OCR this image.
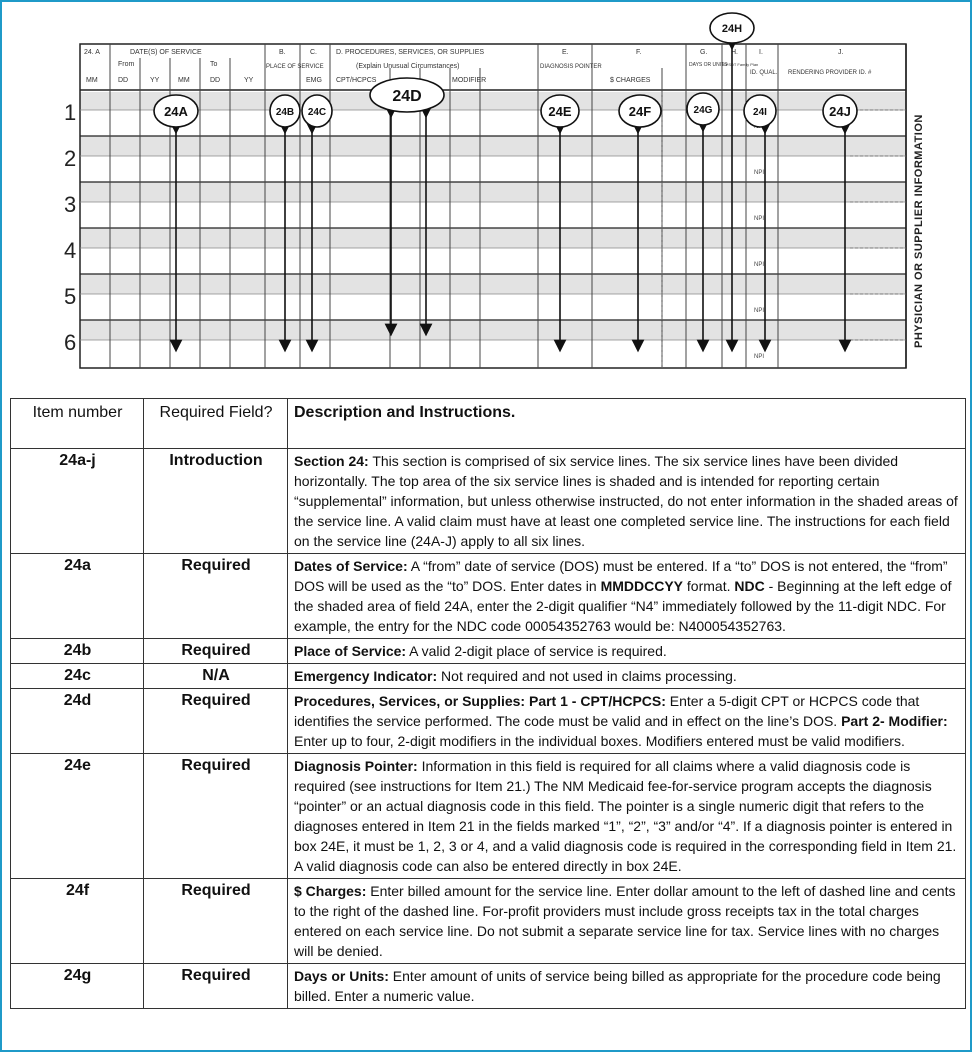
24. A	DATE(S) OF SERVICE
From	To
MM	DD	YY	MM	DD	YY
B.
PLACE OF SERVICE
C.
EMG
D. PROCEDURES, SERVICES, OR SUPPLIES
(Explain Unusual Circumstances)
CPT/HCPCS	MODIFIER
E.
DIAGNOSIS POINTER
F.
$ CHARGES
G.
DAYS OR UNITS
H.
EPSDT Family Plan
I.
ID. QUAL.
J.
RENDERING PROVIDER ID. #
PHYSICIAN OR SUPPLIER INFORMATION
NPI
NPI
NPI
NPI
NPI
1
2
3
4
5
6
24A	24B 24C
24D
24E	24F	24G
24H
24I	24J
Item number	Required Field?	Description and Instructions.
24a-j	Introduction	Section 24: This section is comprised of six service lines. The six service lines have been divided horizontally. The top area of the six service lines is shaded and is intended for reporting certain “supplemental” information, but unless otherwise instructed, do not enter information in the shaded areas of the service line. A valid claim must have at least one completed service line. The instructions for each field on the service line (24A-J) apply to all six lines.
24a	Required	Dates of Service: A “from” date of service (DOS) must be entered. If a “to” DOS is not entered, the “from” DOS will be used as the “to” DOS. Enter dates in MMDDCCYY format. NDC - Beginning at the left edge of the shaded area of field 24A, enter the 2-digit qualifier “N4” immediately followed by the 11-digit NDC. For example, the entry for the NDC code 00054352763 would be: N400054352763.
24b	Required	Place of Service: A valid 2-digit place of service is required.
24c	N/A	Emergency Indicator: Not required and not used in claims processing.
24d	Required	Procedures, Services, or Supplies: Part 1 - CPT/HCPCS: Enter a 5-digit CPT or HCPCS code that identifies the service performed. The code must be valid and in effect on the line’s DOS. Part 2- Modifier: Enter up to four, 2-digit modifiers in the individual boxes. Modifiers entered must be valid modifiers.
24e	Required	Diagnosis Pointer: Information in this field is required for all claims where a valid diagnosis code is required (see instructions for Item 21.) The NM Medicaid fee-for-service program accepts the diagnosis “pointer” or an actual diagnosis code in this field. The pointer is a single numeric digit that refers to the diagnoses entered in Item 21 in the fields marked “1”, “2”, “3” and/or “4”. If a diagnosis pointer is entered in box 24E, it must be 1, 2, 3 or 4, and a valid diagnosis code is required in the corresponding field in Item 21. A valid diagnosis code can also be entered directly in box 24E.
24f	Required	$ Charges: Enter billed amount for the service line. Enter dollar amount to the left of dashed line and cents to the right of the dashed line. For-profit providers must include gross receipts tax in the total charges entered on each service line. Do not submit a separate service line for tax. Service lines with no charges will be denied.
24g	Required	Days or Units: Enter amount of units of service being billed as appropriate for the procedure code being billed. Enter a numeric value.
